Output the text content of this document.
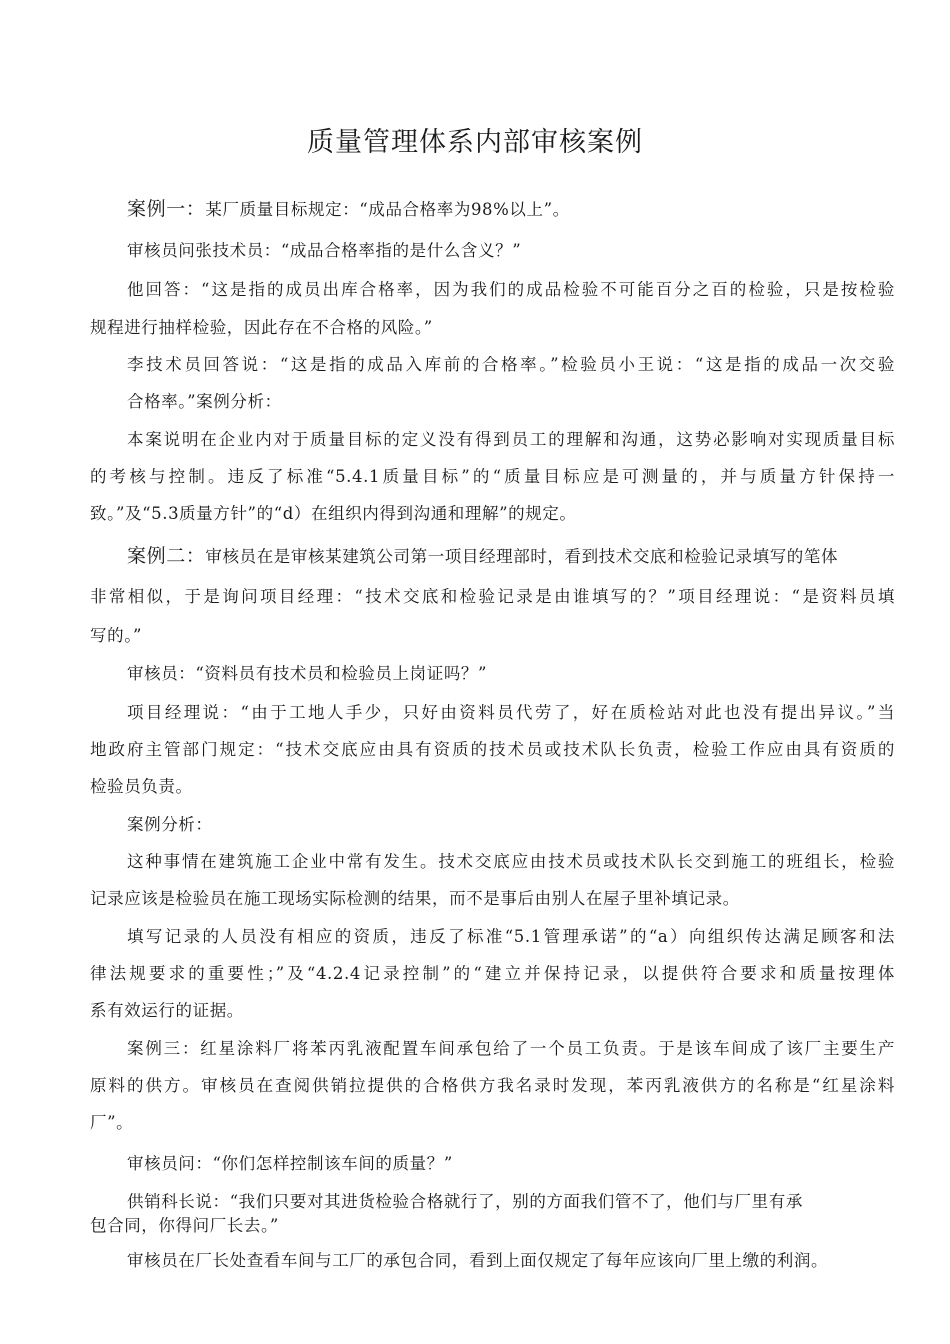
质量管理体系内部审核案例
案例一：某厂质量目标规定：“成品合格率为98%以上”。
审核员问张技术员：“成品合格率指的是什么含义？”
他回答：“这是指的成员出库合格率，因为我们的成品检验不可能百分之百的检验，只是按检验
规程进行抽样检验，因此存在不合格的风险。”
李技术员回答说：“这是指的成品入库前的合格率。”检验员小王说：“这是指的成品一次交验
合格率。”案例分析：
本案说明在企业内对于质量目标的定义没有得到员工的理解和沟通，这势必影响对实现质量目标
的考核与控制。违反了标准“5.4.1质量目标”的“质量目标应是可测量的，并与质量方针保持一
致。”及“5.3质量方针”的“d）在组织内得到沟通和理解”的规定。
案例二：审核员在是审核某建筑公司第一项目经理部时，看到技术交底和检验记录填写的笔体
非常相似，于是询问项目经理：“技术交底和检验记录是由谁填写的？”项目经理说：“是资料员填
写的。”
审核员：“资料员有技术员和检验员上岗证吗？”
项目经理说：“由于工地人手少，只好由资料员代劳了，好在质检站对此也没有提出异议。”当
地政府主管部门规定：“技术交底应由具有资质的技术员或技术队长负责，检验工作应由具有资质的
检验员负责。
案例分析：
这种事情在建筑施工企业中常有发生。技术交底应由技术员或技术队长交到施工的班组长，检验
记录应该是检验员在施工现场实际检测的结果，而不是事后由别人在屋子里补填记录。
填写记录的人员没有相应的资质，违反了标准“5.1管理承诺”的“a）向组织传达满足顾客和法
律法规要求的重要性；”及“4.2.4记录控制”的“建立并保持记录，以提供符合要求和质量按理体
系有效运行的证据。
案例三：红星涂料厂将苯丙乳液配置车间承包给了一个员工负责。于是该车间成了该厂主要生产
原料的供方。审核员在查阅供销拉提供的合格供方我名录时发现，苯丙乳液供方的名称是“红星涂料
厂”。
审核员问：“你们怎样控制该车间的质量？”
供销科长说：“我们只要对其进货检验合格就行了，别的方面我们管不了，他们与厂里有承
包合同，你得问厂长去。”
审核员在厂长处查看车间与工厂的承包合同，看到上面仅规定了每年应该向厂里上缴的利润。
